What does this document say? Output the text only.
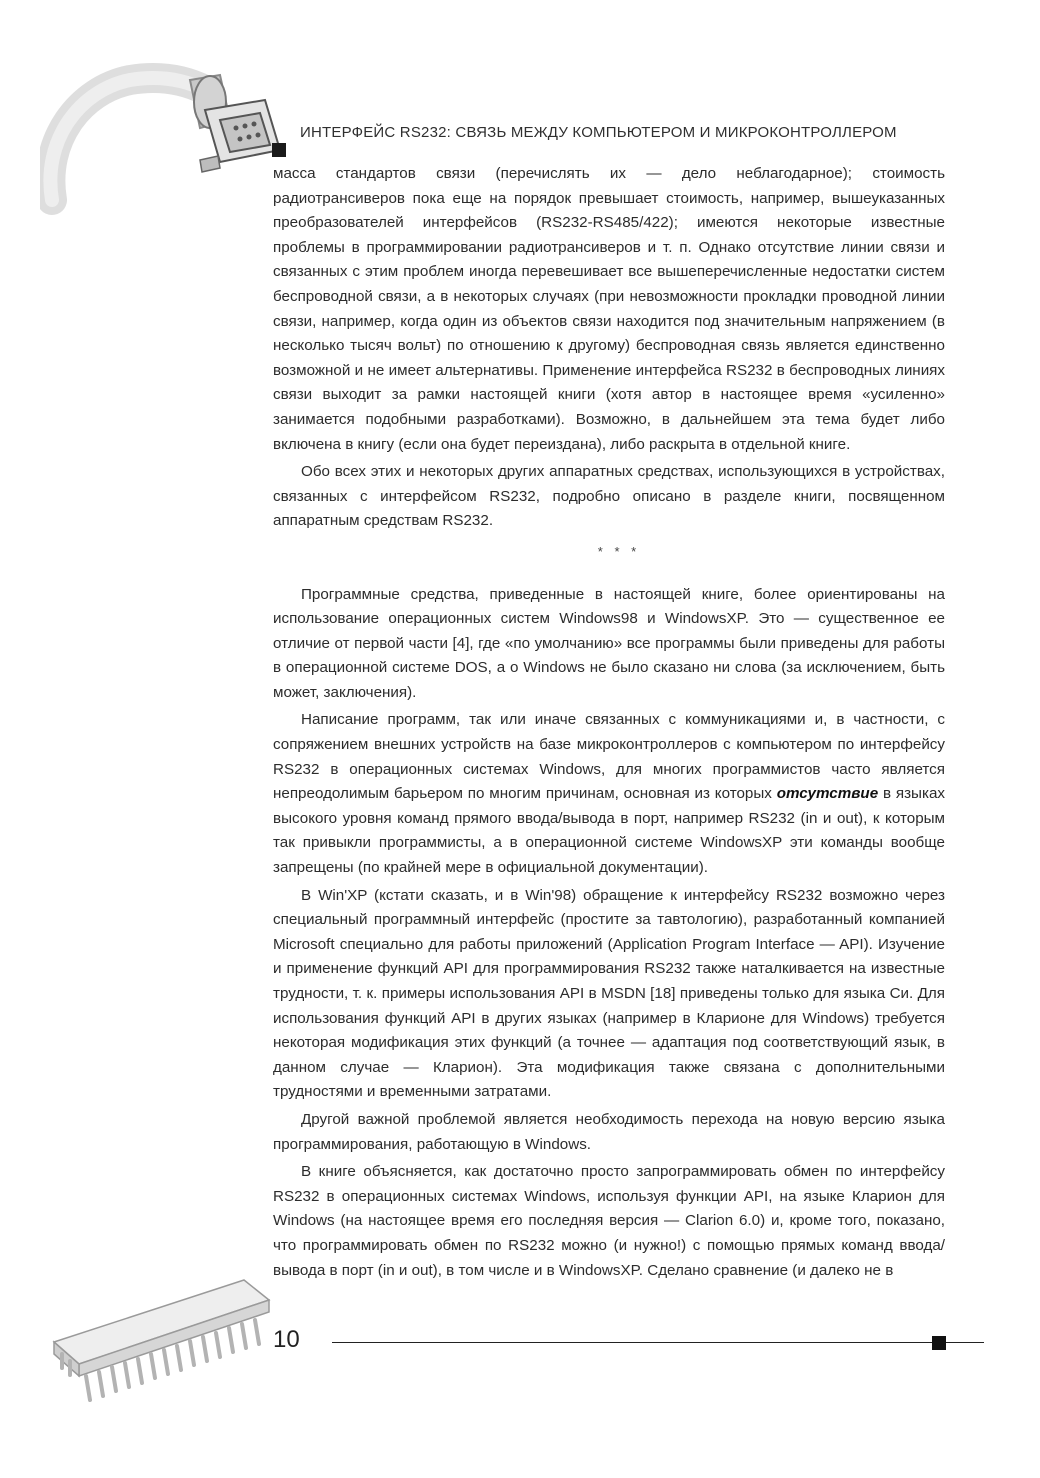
ИНТЕРФЕЙС RS232: СВЯЗЬ МЕЖДУ КОМПЬЮТЕРОМ И МИКРОКОНТРОЛЛЕРОМ

масса стандартов связи (перечислять их — дело неблагодарное); стоимость радиотрансиверов пока еще на порядок превышает стоимость, например, вышеуказанных преобразователей интерфейсов (RS232-RS485/422); имеются некоторые известные проблемы в программировании радиотрансиверов и т. п. Однако отсутствие линии связи и связанных с этим проблем иногда перевешивает все вышеперечисленные недостатки систем беспроводной связи, а в некоторых случаях (при невозможности прокладки проводной линии связи, например, когда один из объектов связи находится под значительным напряжением (в несколько тысяч вольт) по отношению к другому) беспроводная связь является единственно возможной и не имеет альтернативы. Применение интерфейса RS232 в беспроводных линиях связи выходит за рамки настоящей книги (хотя автор в настоящее время «усиленно» занимается подобными разработками). Возможно, в дальнейшем эта тема будет либо включена в книгу (если она будет переиздана), либо раскрыта в отдельной книге.

Обо всех этих и некоторых других аппаратных средствах, использующихся в устройствах, связанных с интерфейсом RS232, подробно описано в разделе книги, посвященном аппаратным средствам RS232.

* * *

Программные средства, приведенные в настоящей книге, более ориентированы на использование операционных систем Windows98 и WindowsXP. Это — существенное ее отличие от первой части [4], где «по умолчанию» все программы были приведены для работы в операционной системе DOS, а о Windows не было сказано ни слова (за исключением, быть может, заключения).

Написание программ, так или иначе связанных с коммуникациями и, в частности, с сопряжением внешних устройств на базе микроконтроллеров с компьютером по интерфейсу RS232 в операционных системах Windows, для многих программистов часто является непреодолимым барьером по многим причинам, основная из которых отсутствие в языках высокого уровня команд прямого ввода/вывода в порт, например RS232 (in и out), к которым так привыкли программисты, а в операционной системе WindowsXP эти команды вообще запрещены (по крайней мере в официальной документации).

В Win'XP (кстати сказать, и в Win'98) обращение к интерфейсу RS232 возможно через специальный программный интерфейс (простите за тавтологию), разработанный компанией Microsoft специально для работы приложений (Application Program Interface — API). Изучение и применение функций API для программирования RS232 также наталкивается на известные трудности, т. к. примеры использования API в MSDN [18] приведены только для языка Си. Для использования функций API в других языках (например в Кларионе для Windows) требуется некоторая модификация этих функций (а точнее — адаптация под соответствующий язык, в данном случае — Кларион). Эта модификация также связана с дополнительными трудностями и временными затратами.

Другой важной проблемой является необходимость перехода на новую версию языка программирования, работающую в Windows.

В книге объясняется, как достаточно просто запрограммировать обмен по интерфейсу RS232 в операционных системах Windows, используя функции API, на языке Кларион для Windows (на настоящее время его последняя версия — Clarion 6.0) и, кроме того, показано, что программировать обмен по RS232 можно (и нужно!) с помощью прямых команд ввода/вывода в порт (in и out), в том числе и в WindowsXP. Сделано сравнение (и далеко не в

10
